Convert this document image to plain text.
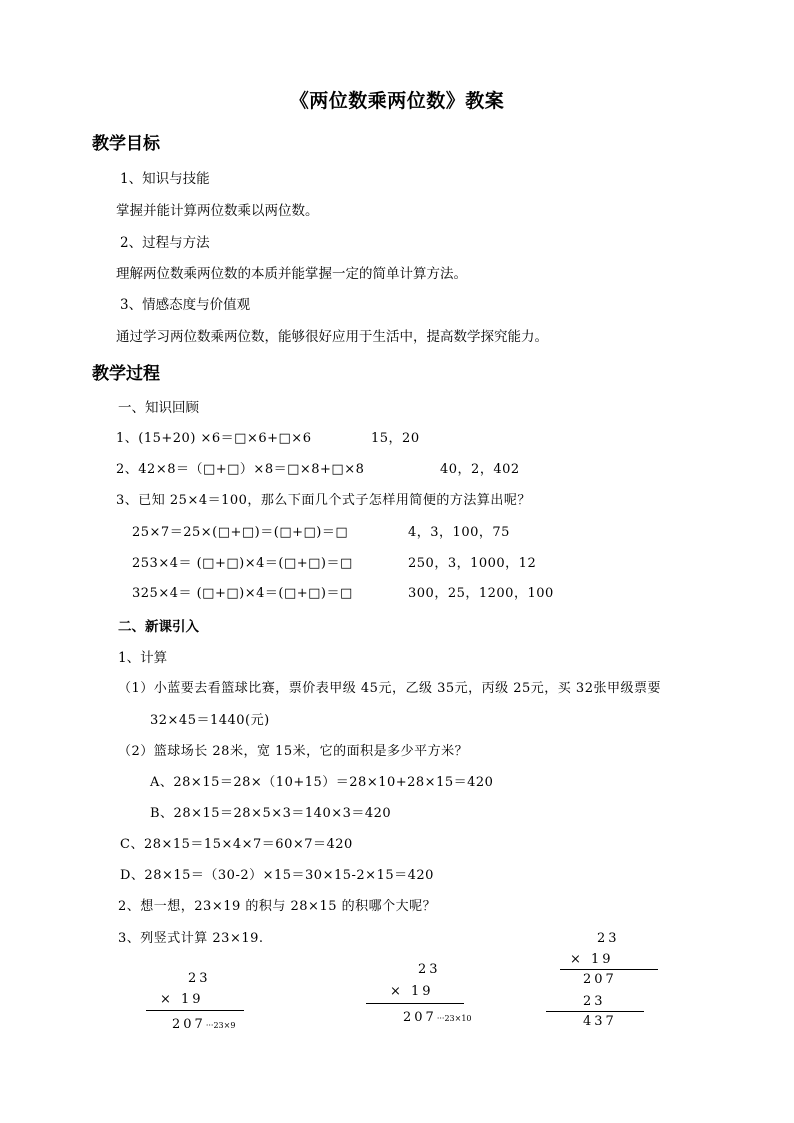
《两位数乘两位数》教案
教学目标
1、知识与技能
掌握并能计算两位数乘以两位数。
2、过程与方法
理解两位数乘两位数的本质并能掌握一定的简单计算方法。
3、情感态度与价值观
通过学习两位数乘两位数，能够很好应用于生活中，提高数学探究能力。
教学过程
一、知识回顾
1、(15+20) ×6＝□×6+□×6	15，20
2、42×8＝（□+□）×8＝□×8+□×8	40，2，402
3、已知 25×4＝100，那么下面几个式子怎样用简便的方法算出呢？
25×7＝25×(□+□)＝(□+□)＝□	4，3，100，75
253×4＝ (□+□)×4＝(□+□)＝□	250，3，1000，12
325×4＝ (□+□)×4＝(□+□)＝□	300，25，1200，100
二、新课引入
1、计算
（1）小蓝要去看篮球比赛，票价表甲级 45元，乙级 35元，丙级 25元，买 32张甲级票要
32×45＝1440(元)
（2）篮球场长 28米，宽 15米，它的面积是多少平方米？
A、28×15＝28×（10+15）＝28×10+28×15＝420
B、28×15＝28×5×3＝140×3＝420
C、28×15＝15×4×7＝60×7＝420
D、28×15＝（30-2）×15＝30×15-2×15＝420
2、想一想，23×19 的积与 28×15 的积哪个大呢？
3、列竖式计算 23×19.
23
× 19
207···23×9
23
× 19
207···23×10
23
× 19
207
23
437
